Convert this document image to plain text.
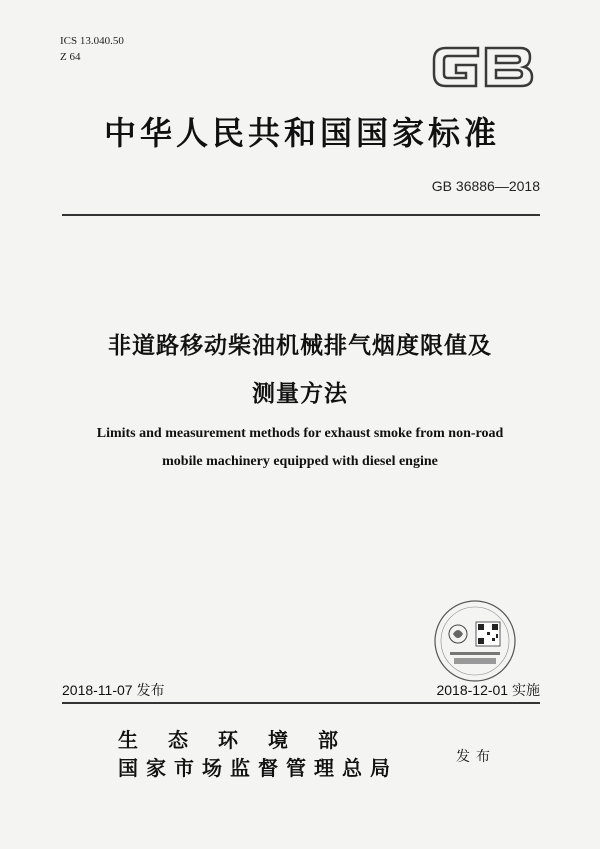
ICS 13.040.50
Z 64
中华人民共和国国家标准
GB 36886—2018
非道路移动柴油机械排气烟度限值及
测量方法
Limits and measurement methods for exhaust smoke from non-road
mobile machinery equipped with diesel engine
2018-11-07 发布	2018-12-01 实施
生态环境部
国家市场监督管理总局	发布
